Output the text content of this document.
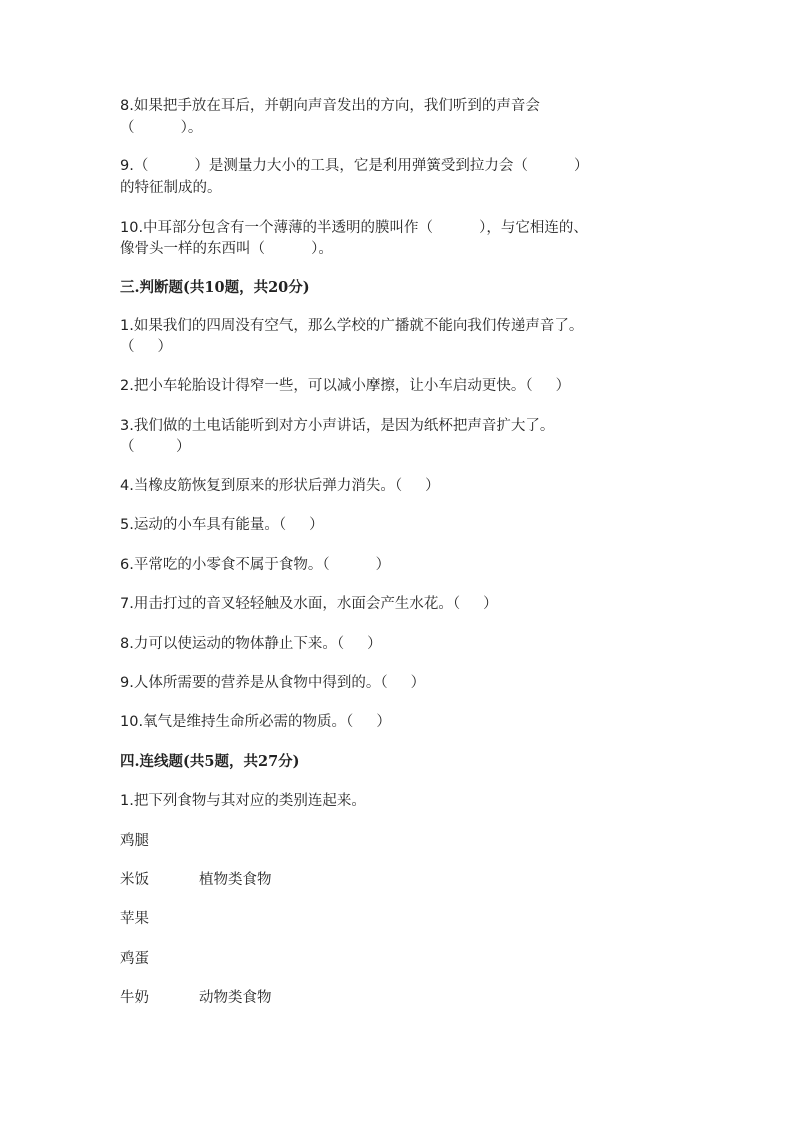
8.如果把手放在耳后，并朝向声音发出的方向，我们听到的声音会
（          ）。
9.（          ）是测量力大小的工具，它是利用弹簧受到拉力会（          ）
的特征制成的。
10.中耳部分包含有一个薄薄的半透明的膜叫作（          ），与它相连的、
像骨头一样的东西叫（          ）。
三.判断题(共10题，共20分)
1.如果我们的四周没有空气，那么学校的广播就不能向我们传递声音了。
（     ）
2.把小车轮胎设计得窄一些，可以减小摩擦，让小车启动更快。（     ）
3.我们做的土电话能听到对方小声讲话，是因为纸杯把声音扩大了。
（         ）
4.当橡皮筋恢复到原来的形状后弹力消失。（     ）
5.运动的小车具有能量。（     ）
6.平常吃的小零食不属于食物。（          ）
7.用击打过的音叉轻轻触及水面，水面会产生水花。（     ）
8.力可以使运动的物体静止下来。（     ）
9.人体所需要的营养是从食物中得到的。（     ）
10.氧气是维持生命所必需的物质。（     ）
四.连线题(共5题，共27分)
1.把下列食物与其对应的类别连起来。
鸡腿
米饭	植物类食物
苹果
鸡蛋
牛奶	动物类食物
